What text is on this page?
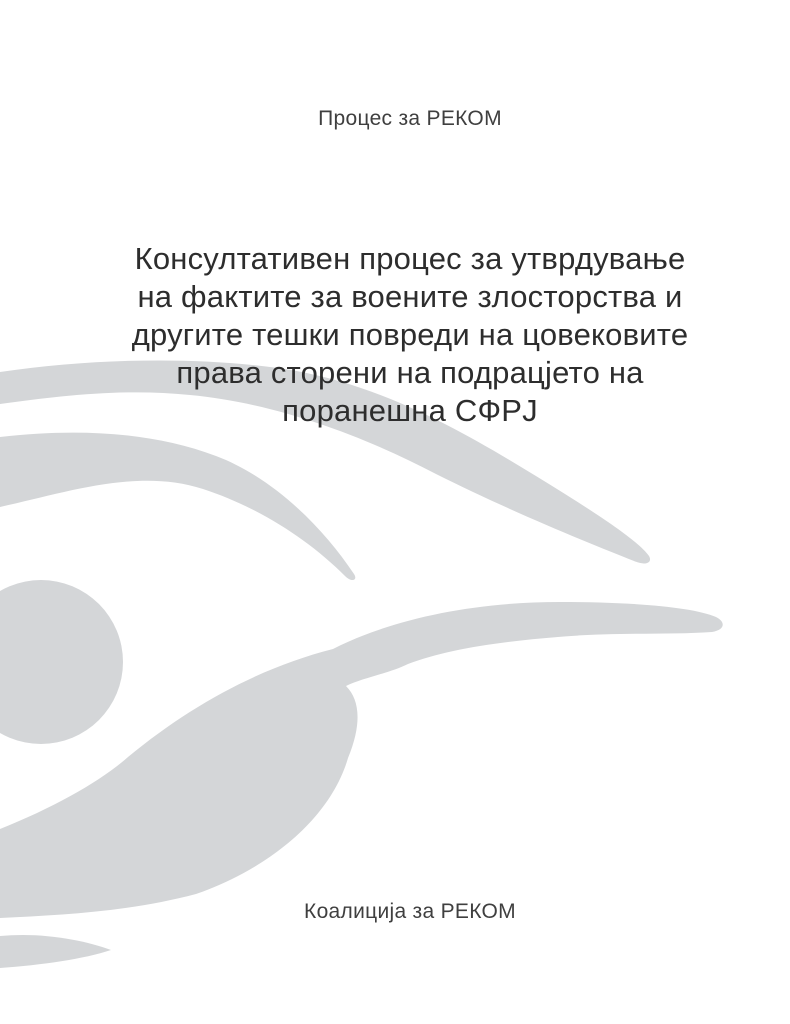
Процес за РЕКОМ
Консултативен процес за утврдување
на фактите за воените злосторства и
другите тешки повреди на цовековите
права сторени на подрацјето на
поранешна СФРЈ
Коалиција за РЕКОМ
